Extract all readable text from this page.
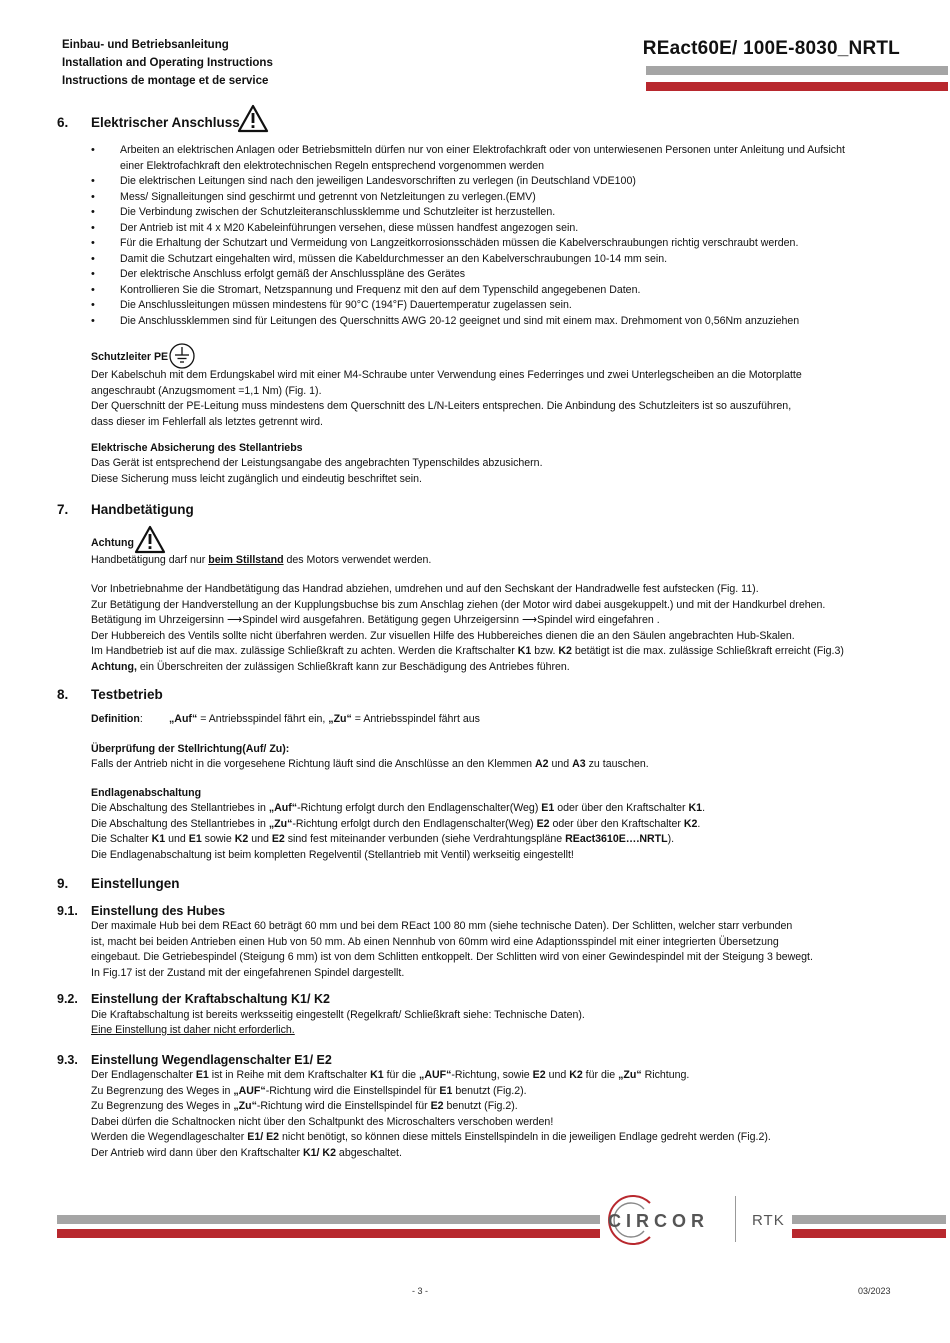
Einbau- und Betriebsanleitung
Installation and Operating Instructions
Instructions de montage et de service
REact60E/ 100E-8030_NRTL
6. Elektrischer Anschluss
• Arbeiten an elektrischen Anlagen oder Betriebsmitteln dürfen nur von einer Elektrofachkraft oder von unterwiesenen Personen unter Anleitung und Aufsicht einer Elektrofachkraft den elektrotechnischen Regeln entsprechend vorgenommen werden
• Die elektrischen Leitungen sind nach den jeweiligen Landesvorschriften zu verlegen (in Deutschland VDE100)
• Mess/ Signalleitungen sind geschirmt und getrennt von Netzleitungen zu verlegen.(EMV)
• Die Verbindung zwischen der Schutzleiteranschlussklemme und Schutzleiter ist herzustellen.
• Der Antrieb ist mit 4 x M20 Kabeleinführungen versehen, diese müssen handfest angezogen sein.
• Für die Erhaltung der Schutzart und Vermeidung von Langzeitkorrosionsschäden müssen die Kabelverschraubungen richtig verschraubt werden.
• Damit die Schutzart eingehalten wird, müssen die Kabeldurchmesser an den Kabelverschraubungen 10-14 mm sein.
• Der elektrische Anschluss erfolgt gemäß der Anschlusspläne des Gerätes
• Kontrollieren Sie die Stromart, Netzspannung und Frequenz mit den auf dem Typenschild angegebenen Daten.
• Die Anschlussleitungen müssen mindestens für 90°C (194°F) Dauertemperatur zugelassen sein.
• Die Anschlussklemmen sind für Leitungen des Querschnitts AWG 20-12 geeignet und sind mit einem max. Drehmoment von 0,56Nm anzuziehen
Schutzleiter PE
Der Kabelschuh mit dem Erdungskabel wird mit einer M4-Schraube unter Verwendung eines Federringes und zwei Unterlegscheiben an die Motorplatte
angeschraubt (Anzugsmoment =1,1 Nm) (Fig. 1).
Der Querschnitt der PE-Leitung muss mindestens dem Querschnitt des L/N-Leiters entsprechen. Die Anbindung des Schutzleiters ist so auszuführen,
dass dieser im Fehlerfall als letztes getrennt wird.
Elektrische Absicherung des Stellantriebs
Das Gerät ist entsprechend der Leistungsangabe des angebrachten Typenschildes abzusichern.
Diese Sicherung muss leicht zugänglich und eindeutig beschriftet sein.
7. Handbetätigung
Achtung
Handbetätigung darf nur beim Stillstand des Motors verwendet werden.
Vor Inbetriebnahme der Handbetätigung das Handrad abziehen, umdrehen und auf den Sechskant der Handradwelle fest aufstecken (Fig. 11).
Zur Betätigung der Handverstellung an der Kupplungsbuchse bis zum Anschlag ziehen (der Motor wird dabei ausgekuppelt.) und mit der Handkurbel drehen.
Betätigung im Uhrzeigersinn ⟶Spindel wird ausgefahren. Betätigung gegen Uhrzeigersinn ⟶Spindel wird eingefahren .
Der Hubbereich des Ventils sollte nicht überfahren werden. Zur visuellen Hilfe des Hubbereiches dienen die an den Säulen angebrachten Hub-Skalen.
Im Handbetrieb ist auf die max. zulässige Schließkraft zu achten. Werden die Kraftschalter K1 bzw. K2 betätigt ist die max. zulässige Schließkraft erreicht (Fig.3)
Achtung, ein Überschreiten der zulässigen Schließkraft kann zur Beschädigung des Antriebes führen.
8. Testbetrieb
Definition: „Auf“ = Antriebsspindel fährt ein, „Zu“ = Antriebsspindel fährt aus
Überprüfung der Stellrichtung(Auf/ Zu):
Falls der Antrieb nicht in die vorgesehene Richtung läuft sind die Anschlüsse an den Klemmen A2 und A3 zu tauschen.
Endlagenabschaltung
Die Abschaltung des Stellantriebes in „Auf“-Richtung erfolgt durch den Endlagenschalter(Weg) E1 oder über den Kraftschalter K1.
Die Abschaltung des Stellantriebes in „Zu“-Richtung erfolgt durch den Endlagenschalter(Weg) E2 oder über den Kraftschalter K2.
Die Schalter K1 und E1 sowie K2 und E2 sind fest miteinander verbunden (siehe Verdrahtungspläne REact3610E….NRTL).
Die Endlagenabschaltung ist beim kompletten Regelventil (Stellantrieb mit Ventil) werkseitig eingestellt!
9. Einstellungen
9.1. Einstellung des Hubes
Der maximale Hub bei dem REact 60 beträgt 60 mm und bei dem REact 100 80 mm (siehe technische Daten). Der Schlitten, welcher starr verbunden
ist, macht bei beiden Antrieben einen Hub von 50 mm. Ab einen Nennhub von 60mm wird eine Adaptionsspindel mit einer integrierten Übersetzung
eingebaut. Die Getriebespindel (Steigung 6 mm) ist von dem Schlitten entkoppelt. Der Schlitten wird von einer Gewindespindel mit der Steigung 3 bewegt.
In Fig.17 ist der Zustand mit der eingefahrenen Spindel dargestellt.
9.2. Einstellung der Kraftabschaltung K1/ K2
Die Kraftabschaltung ist bereits werksseitig eingestellt (Regelkraft/ Schließkraft siehe: Technische Daten).
Eine Einstellung ist daher nicht erforderlich.
9.3. Einstellung Wegendlagenschalter E1/ E2
Der Endlagenschalter E1 ist in Reihe mit dem Kraftschalter K1 für die „AUF“-Richtung, sowie E2 und K2 für die „Zu“ Richtung.
Zu Begrenzung des Weges in „AUF“-Richtung wird die Einstellspindel für E1 benutzt (Fig.2).
Zu Begrenzung des Weges in „Zu“-Richtung wird die Einstellspindel für E2 benutzt (Fig.2).
Dabei dürfen die Schaltnocken nicht über den Schaltpunkt des Microschalters verschoben werden!
Werden die Wegendlageschalter E1/ E2 nicht benötigt, so können diese mittels Einstellspindeln in die jeweiligen Endlage gedreht werden (Fig.2).
Der Antrieb wird dann über den Kraftschalter K1/ K2 abgeschaltet.
CIRCOR	RTK
- 3 -	03/2023
